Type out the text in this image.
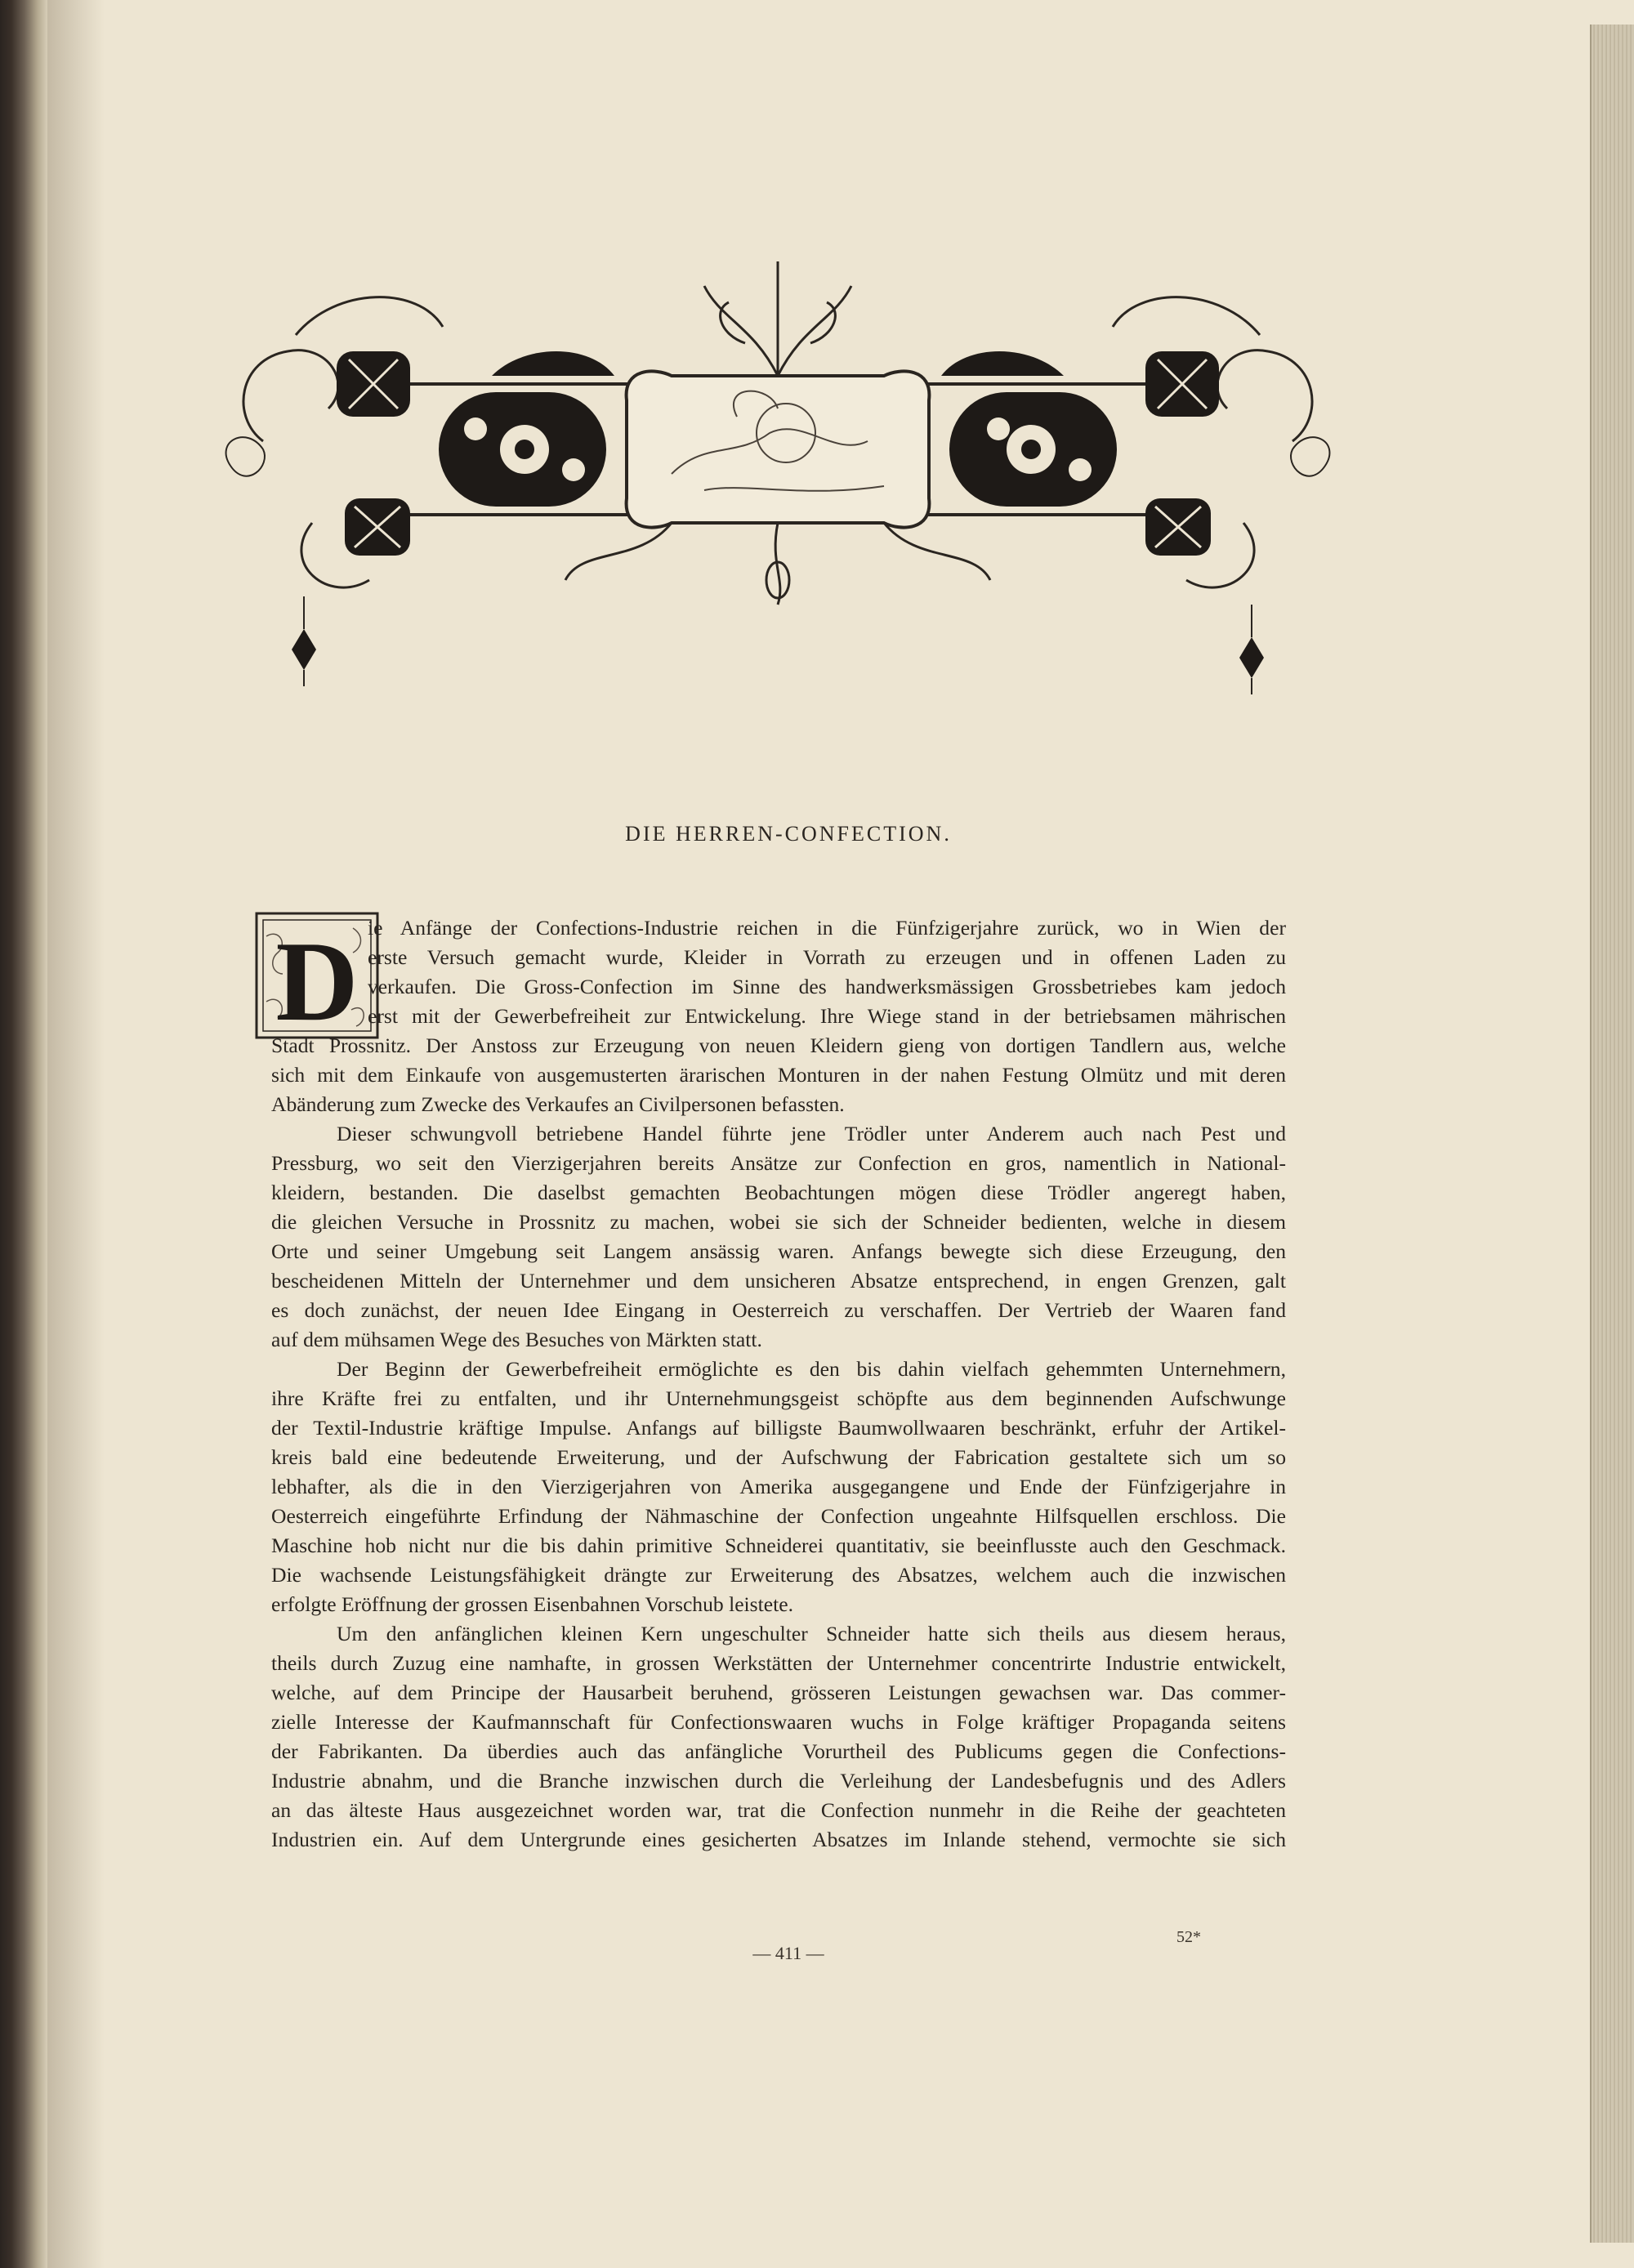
DIE HERREN-CONFECTION.
D ie Anfänge der Confections-Industrie reichen in die Fünfzigerjahre zurück, wo in Wien der
erste Versuch gemacht wurde, Kleider in Vorrath zu erzeugen und in offenen Laden zu
verkaufen. Die Gross-Confection im Sinne des handwerksmässigen Grossbetriebes kam jedoch
erst mit der Gewerbefreiheit zur Entwickelung. Ihre Wiege stand in der betriebsamen mährischen
Stadt Prossnitz. Der Anstoss zur Erzeugung von neuen Kleidern gieng von dortigen Tandlern aus, welche
sich mit dem Einkaufe von ausgemusterten ärarischen Monturen in der nahen Festung Olmütz und mit deren
Abänderung zum Zwecke des Verkaufes an Civilpersonen befassten.
Dieser schwungvoll betriebene Handel führte jene Trödler unter Anderem auch nach Pest und
Pressburg, wo seit den Vierzigerjahren bereits Ansätze zur Confection en gros, namentlich in National-
kleidern, bestanden. Die daselbst gemachten Beobachtungen mögen diese Trödler angeregt haben,
die gleichen Versuche in Prossnitz zu machen, wobei sie sich der Schneider bedienten, welche in diesem
Orte und seiner Umgebung seit Langem ansässig waren. Anfangs bewegte sich diese Erzeugung, den
bescheidenen Mitteln der Unternehmer und dem unsicheren Absatze entsprechend, in engen Grenzen, galt
es doch zunächst, der neuen Idee Eingang in Oesterreich zu verschaffen. Der Vertrieb der Waaren fand
auf dem mühsamen Wege des Besuches von Märkten statt.
Der Beginn der Gewerbefreiheit ermöglichte es den bis dahin vielfach gehemmten Unternehmern,
ihre Kräfte frei zu entfalten, und ihr Unternehmungsgeist schöpfte aus dem beginnenden Aufschwunge
der Textil-Industrie kräftige Impulse. Anfangs auf billigste Baumwollwaaren beschränkt, erfuhr der Artikel-
kreis bald eine bedeutende Erweiterung, und der Aufschwung der Fabrication gestaltete sich um so
lebhafter, als die in den Vierzigerjahren von Amerika ausgegangene und Ende der Fünfzigerjahre in
Oesterreich eingeführte Erfindung der Nähmaschine der Confection ungeahnte Hilfsquellen erschloss. Die
Maschine hob nicht nur die bis dahin primitive Schneiderei quantitativ, sie beeinflusste auch den Geschmack.
Die wachsende Leistungsfähigkeit drängte zur Erweiterung des Absatzes, welchem auch die inzwischen
erfolgte Eröffnung der grossen Eisenbahnen Vorschub leistete.
Um den anfänglichen kleinen Kern ungeschulter Schneider hatte sich theils aus diesem heraus,
theils durch Zuzug eine namhafte, in grossen Werkstätten der Unternehmer concentrirte Industrie entwickelt,
welche, auf dem Principe der Hausarbeit beruhend, grösseren Leistungen gewachsen war. Das commer-
zielle Interesse der Kaufmannschaft für Confectionswaaren wuchs in Folge kräftiger Propaganda seitens
der Fabrikanten. Da überdies auch das anfängliche Vorurtheil des Publicums gegen die Confections-
Industrie abnahm, und die Branche inzwischen durch die Verleihung der Landesbefugnis und des Adlers
an das älteste Haus ausgezeichnet worden war, trat die Confection nunmehr in die Reihe der geachteten
Industrien ein. Auf dem Untergrunde eines gesicherten Absatzes im Inlande stehend, vermochte sie sich
— 411 —
52*
